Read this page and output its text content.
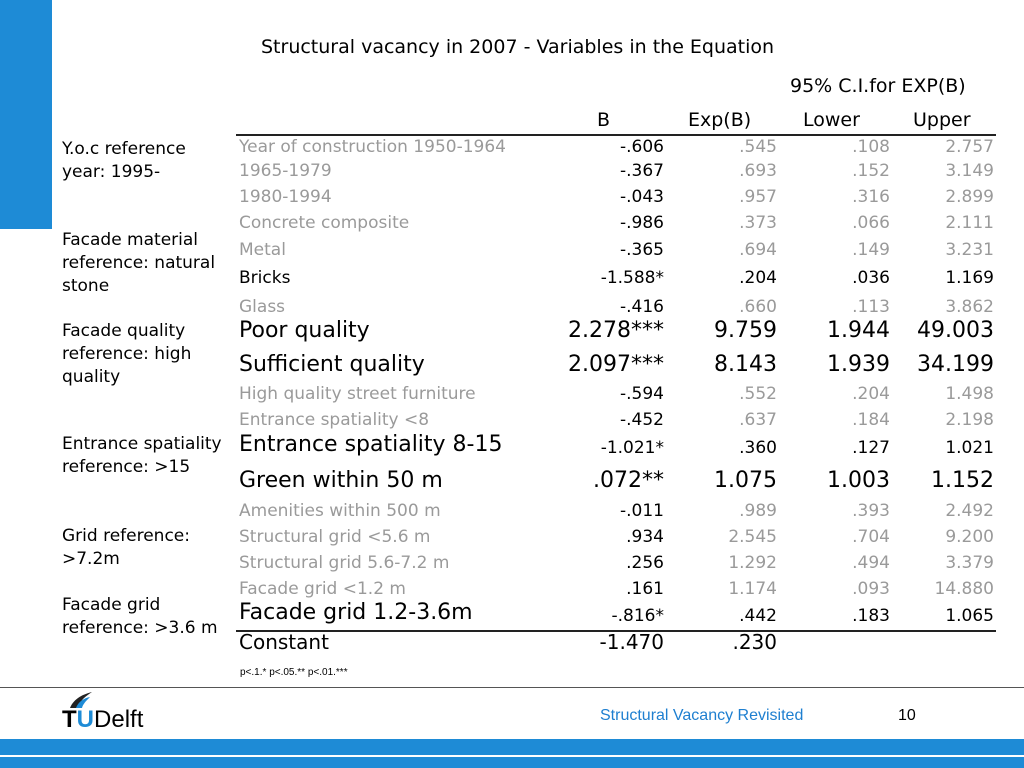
Structural vacancy in 2007 - Variables in the Equation
95% C.I.for EXP(B)
B	Exp(B)	Lower	Upper
Y.o.c reference
year: 1995-
Facade material
reference: natural
stone
Facade quality
reference: high
quality
Entrance spatiality
reference: >15
Grid reference:
>7.2m
Facade grid
reference: >3.6 m
Year of construction 1950-1964	-.606	.545	.108	2.757
1965-1979	-.367	.693	.152	3.149
1980-1994	-.043	.957	.316	2.899
Concrete composite	-.986	.373	.066	2.111
Metal	-.365	.694	.149	3.231
Bricks	-1.588*	.204	.036	1.169
Glass	-.416	.660	.113	3.862
Poor quality	2.278*** 9.759 1.944 49.003
Sufficient quality	2.097*** 8.143 1.939 34.199
High quality street furniture	-.594	.552	.204	1.498
Entrance spatiality <8	-.452	.637	.184	2.198
Entrance spatiality 8-15	-1.021*	.360	.127	1.021
Green within 50 m	.072** 1.075 1.003 1.152
Amenities within 500 m	-.011	.989	.393	2.492
Structural grid <5.6 m	.934	2.545	.704	9.200
Structural grid 5.6-7.2 m	.256	1.292	.494	3.379
Facade grid <1.2 m	.161	1.174	.093	14.880
Facade grid 1.2-3.6m	-.816*	.442	.183	1.065
Constant	-1.470	.230
p<.1.* p<.05.** p<.01.***
TUDelft	Structural Vacancy Revisited	10
